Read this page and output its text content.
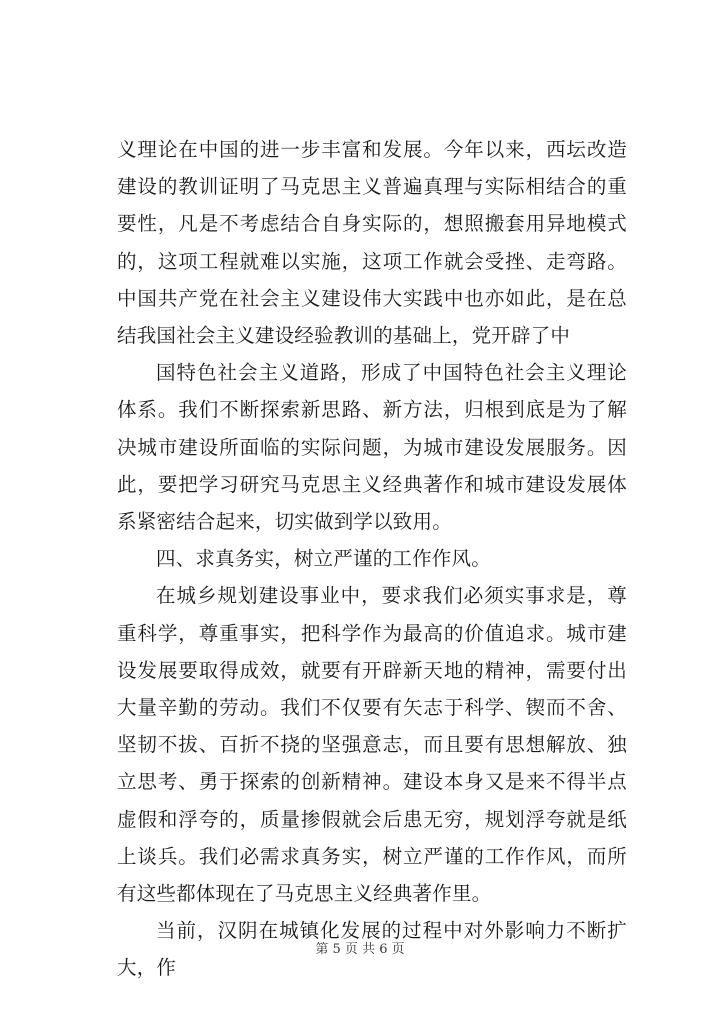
义理论在中国的进一步丰富和发展。今年以来，西坛改造建设的教训证明了马克思主义普遍真理与实际相结合的重要性，凡是不考虑结合自身实际的，想照搬套用异地模式的，这项工程就难以实施，这项工作就会受挫、走弯路。中国共产党在社会主义建设伟大实践中也亦如此，是在总结我国社会主义建设经验教训的基础上，党开辟了中

国特色社会主义道路，形成了中国特色社会主义理论体系。我们不断探索新思路、新方法，归根到底是为了解决城市建设所面临的实际问题，为城市建设发展服务。因此，要把学习研究马克思主义经典著作和城市建设发展体系紧密结合起来，切实做到学以致用。

四、求真务实，树立严谨的工作作风。

在城乡规划建设事业中，要求我们必须实事求是，尊重科学，尊重事实，把科学作为最高的价值追求。城市建设发展要取得成效，就要有开辟新天地的精神，需要付出大量辛勤的劳动。我们不仅要有矢志于科学、锲而不舍、坚韧不拔、百折不挠的坚强意志，而且要有思想解放、独立思考、勇于探索的创新精神。建设本身又是来不得半点虚假和浮夸的，质量掺假就会后患无穷，规划浮夸就是纸上谈兵。我们必需求真务实，树立严谨的工作作风，而所有这些都体现在了马克思主义经典著作里。

当前，汉阴在城镇化发展的过程中对外影响力不断扩大，作

第 5 页 共 6 页
